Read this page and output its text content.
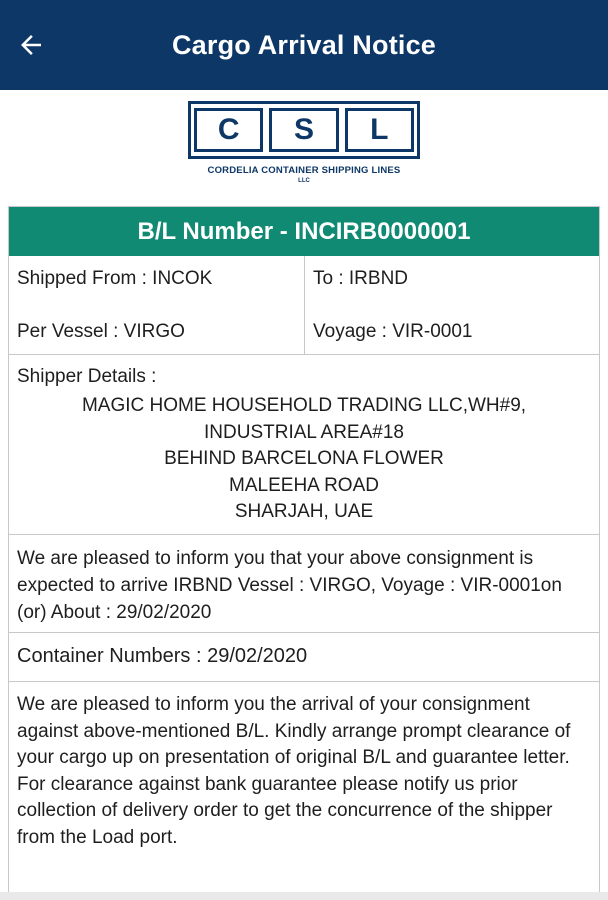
Cargo Arrival Notice
C	S	L
CORDELIA CONTAINER SHIPPING LINES
LLC
B/L Number - INCIRB0000001
Shipped From : INCOK
Per Vessel : VIRGO
To : IRBND
Voyage : VIR-0001
Shipper Details :
MAGIC HOME HOUSEHOLD TRADING LLC,WH#9,
INDUSTRIAL AREA#18
BEHIND BARCELONA FLOWER
MALEEHA ROAD
SHARJAH, UAE
We are pleased to inform you that your above consignment is expected to arrive IRBND Vessel : VIRGO, Voyage : VIR-0001on (or) About : 29/02/2020
Container Numbers : 29/02/2020
We are pleased to inform you the arrival of your consignment against above-mentioned B/L. Kindly arrange prompt clearance of your cargo up on presentation of original B/L and guarantee letter. For clearance against bank guarantee please notify us prior collection of delivery order to get the concurrence of the shipper from the Load port.
